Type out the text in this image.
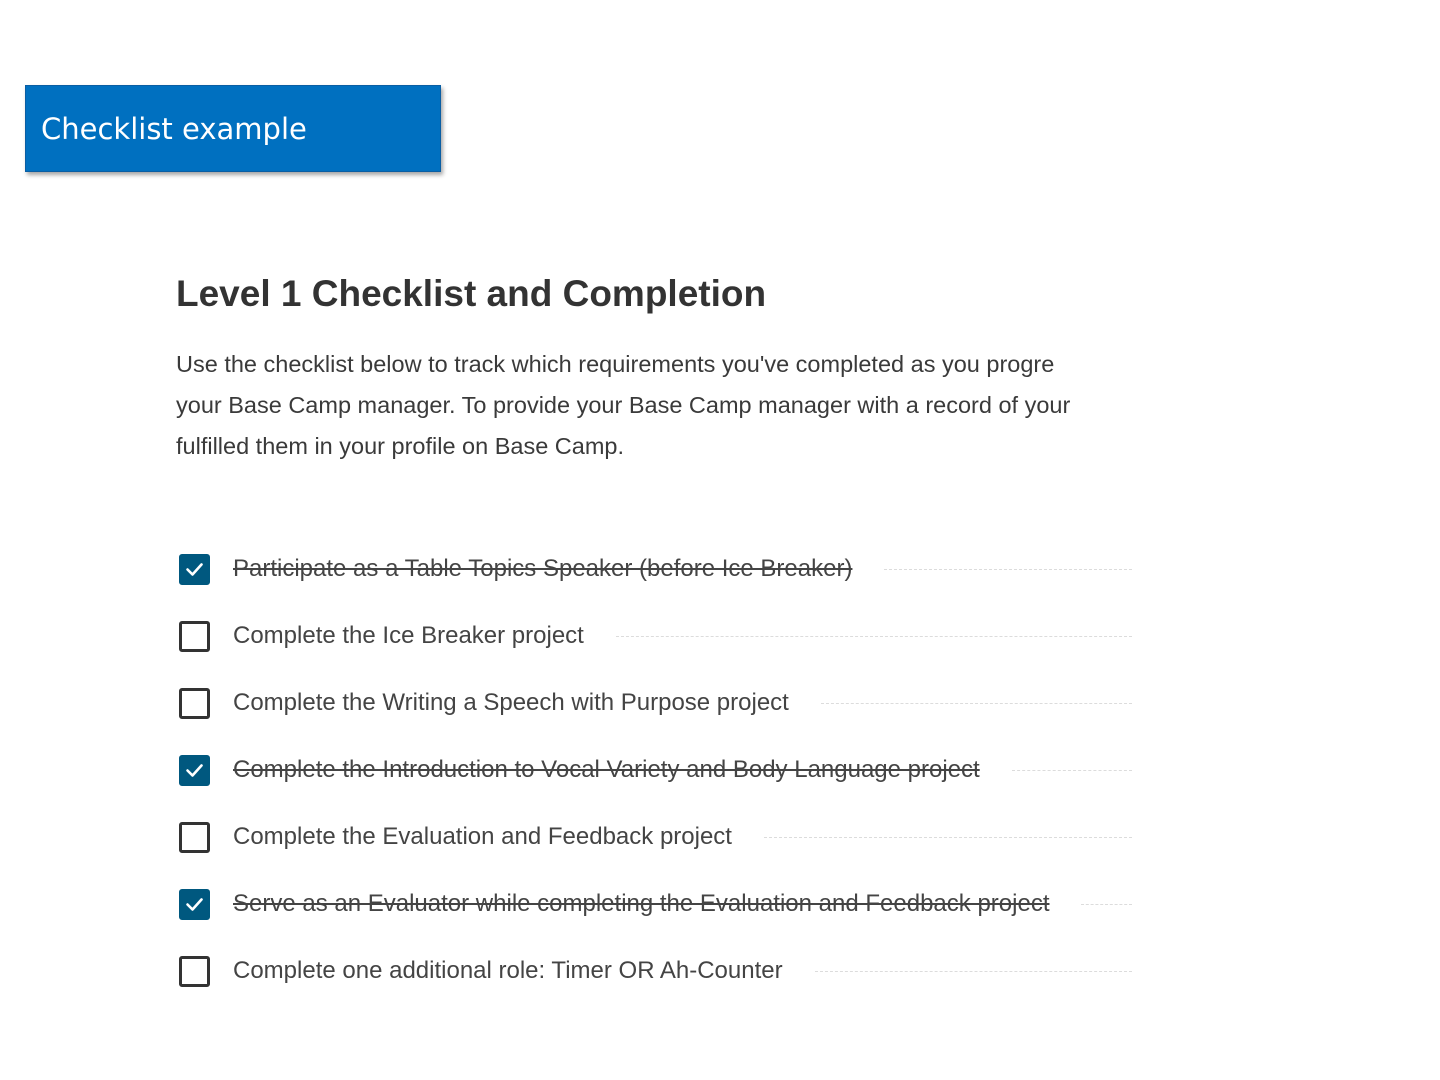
Checklist example
Level 1 Checklist and Completion
Use the checklist below to track which requirements you've completed as you progre
your Base Camp manager. To provide your Base Camp manager with a record of your
fulfilled them in your profile on Base Camp.
Participate as a Table Topics Speaker (before Ice Breaker)
Complete the Ice Breaker project
Complete the Writing a Speech with Purpose project
Complete the Introduction to Vocal Variety and Body Language project
Complete the Evaluation and Feedback project
Serve as an Evaluator while completing the Evaluation and Feedback project
Complete one additional role: Timer OR Ah-Counter
